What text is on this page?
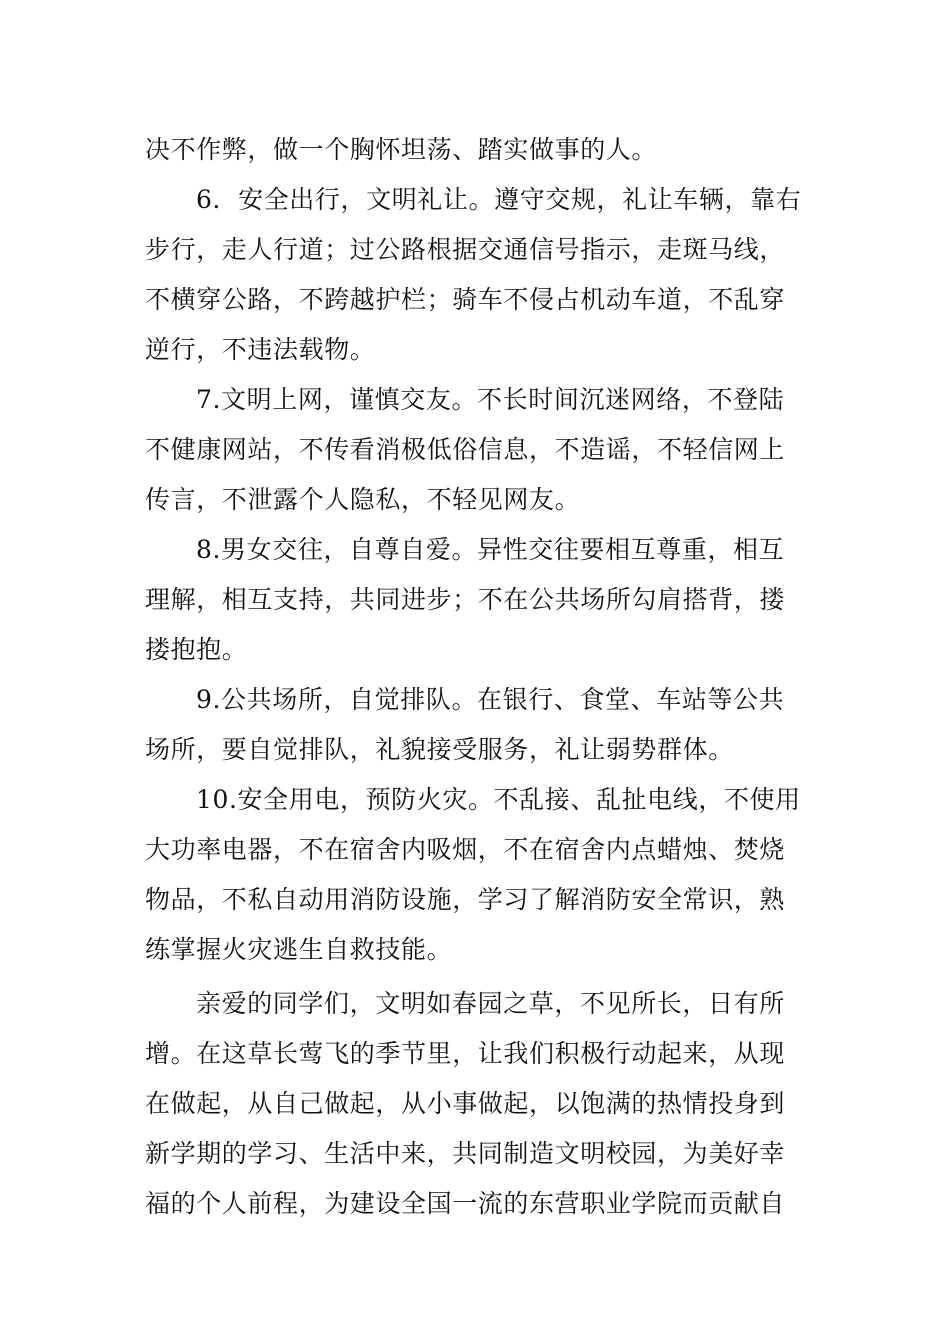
决不作弊，做一个胸怀坦荡、踏实做事的人。
6．安全出行，文明礼让。遵守交规，礼让车辆，靠右
步行，走人行道；过公路根据交通信号指示，走斑马线，
不横穿公路，不跨越护栏；骑车不侵占机动车道，不乱穿
逆行，不违法载物。
7.文明上网，谨慎交友。不长时间沉迷网络，不登陆
不健康网站，不传看消极低俗信息，不造谣，不轻信网上
传言，不泄露个人隐私，不轻见网友。
8.男女交往，自尊自爱。异性交往要相互尊重，相互
理解，相互支持，共同进步；不在公共场所勾肩搭背，搂
搂抱抱。
9.公共场所，自觉排队。在银行、食堂、车站等公共
场所，要自觉排队，礼貌接受服务，礼让弱势群体。
10.安全用电，预防火灾。不乱接、乱扯电线，不使用
大功率电器，不在宿舍内吸烟，不在宿舍内点蜡烛、焚烧
物品，不私自动用消防设施，学习了解消防安全常识，熟
练掌握火灾逃生自救技能。
亲爱的同学们，文明如春园之草，不见所长，日有所
增。在这草长莺飞的季节里，让我们积极行动起来，从现
在做起，从自己做起，从小事做起，以饱满的热情投身到
新学期的学习、生活中来，共同制造文明校园，为美好幸
福的个人前程，为建设全国一流的东营职业学院而贡献自
